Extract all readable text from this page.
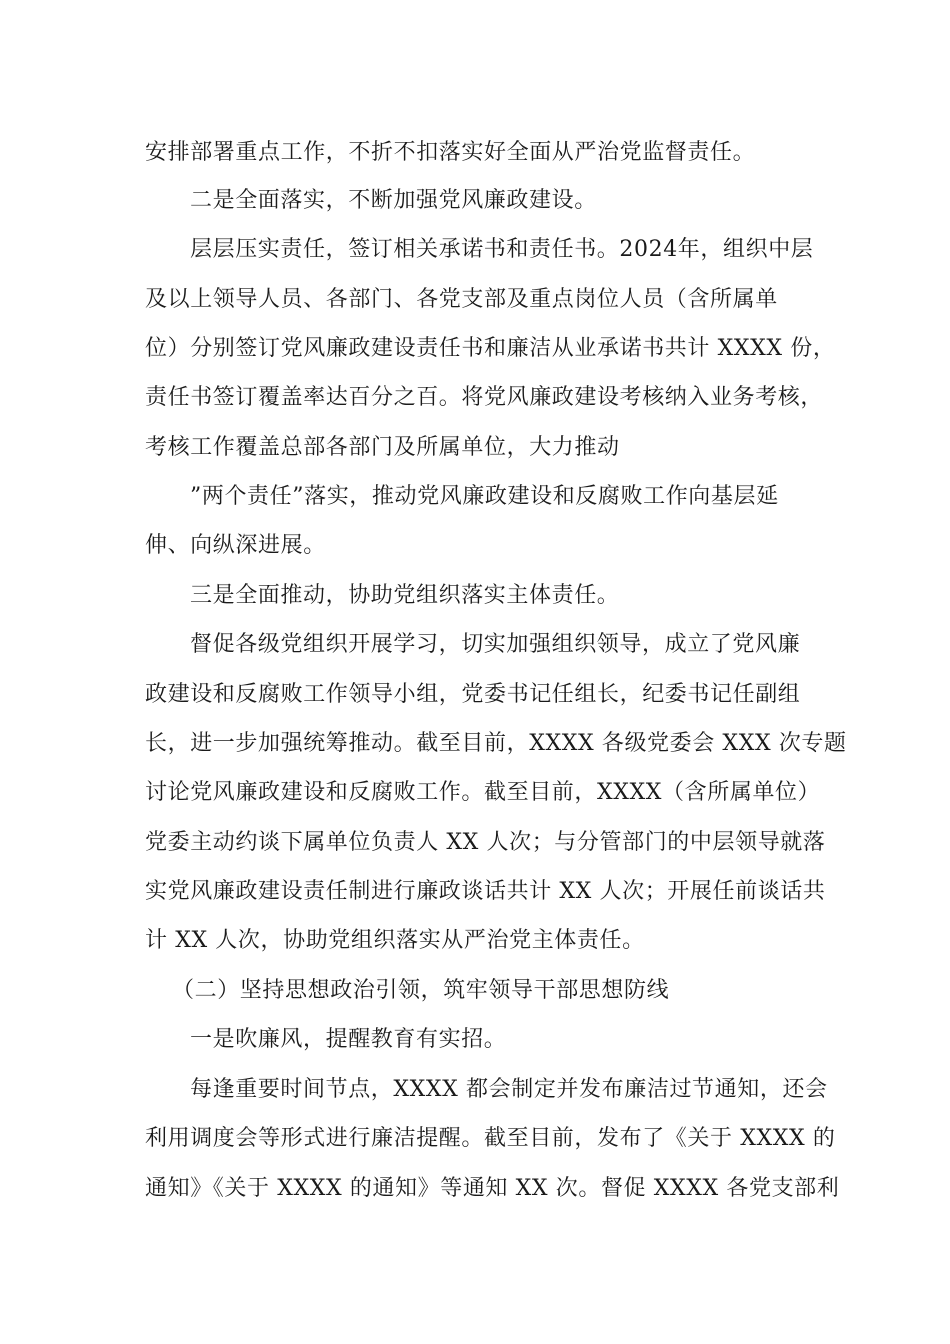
安排部署重点工作，不折不扣落实好全面从严治党监督责任。
二是全面落实，不断加强党风廉政建设。
层层压实责任，签订相关承诺书和责任书。2024年，组织中层
及以上领导人员、各部门、各党支部及重点岗位人员（含所属单
位）分别签订党风廉政建设责任书和廉洁从业承诺书共计 XXXX 份，
责任书签订覆盖率达百分之百。将党风廉政建设考核纳入业务考核，
考核工作覆盖总部各部门及所属单位，大力推动
”两个责任”落实，推动党风廉政建设和反腐败工作向基层延
伸、向纵深进展。
三是全面推动，协助党组织落实主体责任。
督促各级党组织开展学习，切实加强组织领导，成立了党风廉
政建设和反腐败工作领导小组，党委书记任组长，纪委书记任副组
长，进一步加强统筹推动。截至目前，XXXX 各级党委会 XXX 次专题
讨论党风廉政建设和反腐败工作。截至目前，XXXX（含所属单位）
党委主动约谈下属单位负责人 XX 人次；与分管部门的中层领导就落
实党风廉政建设责任制进行廉政谈话共计 XX 人次；开展任前谈话共
计 XX 人次，协助党组织落实从严治党主体责任。
（二）坚持思想政治引领，筑牢领导干部思想防线
一是吹廉风，提醒教育有实招。
每逢重要时间节点，XXXX 都会制定并发布廉洁过节通知，还会
利用调度会等形式进行廉洁提醒。截至目前，发布了《关于 XXXX 的
通知》《关于 XXXX 的通知》等通知 XX 次。督促 XXXX 各党支部利
